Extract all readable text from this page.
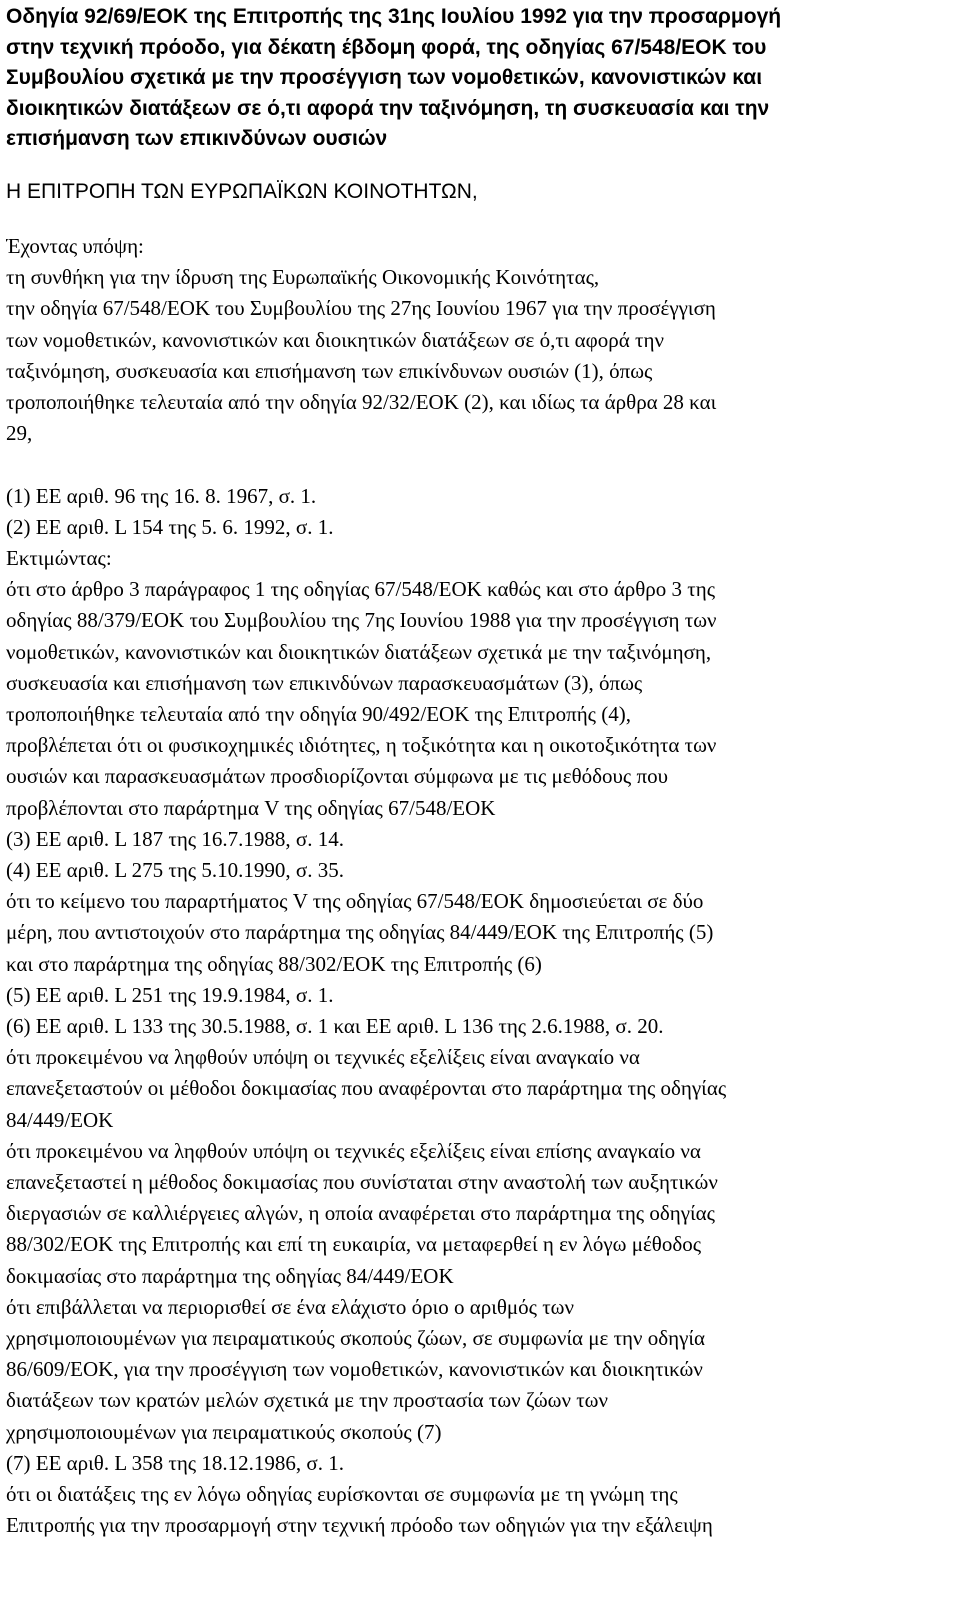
Οδηγία 92/69/ΕΟΚ της Επιτροπής της 31ης Ιουλίου 1992 για την προσαρμογή
στην τεχνική πρόοδο, για δέκατη έβδομη φορά, της οδηγίας 67/548/ΕΟΚ του
Συμβουλίου σχετικά με την προσέγγιση των νομοθετικών, κανονιστικών και
διοικητικών διατάξεων σε ό,τι αφορά την ταξινόμηση, τη συσκευασία και την
επισήμανση των επικινδύνων ουσιών
Η ΕΠΙΤΡΟΠΗ ΤΩΝ ΕΥΡΩΠΑΪΚΩΝ ΚΟΙΝΟΤΗΤΩΝ,
Έχοντας υπόψη:
τη συνθήκη για την ίδρυση της Ευρωπαϊκής Οικονομικής Κοινότητας,
την οδηγία 67/548/ΕΟΚ του Συμβουλίου της 27ης Ιουνίου 1967 για την προσέγγιση
των νομοθετικών, κανονιστικών και διοικητικών διατάξεων σε ό,τι αφορά την
ταξινόμηση, συσκευασία και επισήμανση των επικίνδυνων ουσιών (1), όπως
τροποποιήθηκε τελευταία από την οδηγία 92/32/ΕΟΚ (2), και ιδίως τα άρθρα 28 και
29,
(1) ΕΕ αριθ. 96 της 16. 8. 1967, σ. 1.
(2) ΕΕ αριθ. L 154 της 5. 6. 1992, σ. 1.
Εκτιμώντας:
ότι στο άρθρο 3 παράγραφος 1 της οδηγίας 67/548/ΕΟΚ καθώς και στο άρθρο 3 της
οδηγίας 88/379/ΕΟΚ του Συμβουλίου της 7ης Ιουνίου 1988 για την προσέγγιση των
νομοθετικών, κανονιστικών και διοικητικών διατάξεων σχετικά με την ταξινόμηση,
συσκευασία και επισήμανση των επικινδύνων παρασκευασμάτων (3), όπως
τροποποιήθηκε τελευταία από την οδηγία 90/492/ΕΟΚ της Επιτροπής (4),
προβλέπεται ότι οι φυσικοχημικές ιδιότητες, η τοξικότητα και η οικοτοξικότητα των
ουσιών και παρασκευασμάτων προσδιορίζονται σύμφωνα με τις μεθόδους που
προβλέπονται στο παράρτημα V της οδηγίας 67/548/ΕΟΚ
(3) ΕΕ αριθ. L 187 της 16.7.1988, σ. 14.
(4) ΕΕ αριθ. L 275 της 5.10.1990, σ. 35.
ότι το κείμενο του παραρτήματος V της οδηγίας 67/548/ΕΟΚ δημοσιεύεται σε δύο
μέρη, που αντιστοιχούν στο παράρτημα της οδηγίας 84/449/ΕΟΚ της Επιτροπής (5)
και στο παράρτημα της οδηγίας 88/302/ΕΟΚ της Επιτροπής (6)
(5) ΕΕ αριθ. L 251 της 19.9.1984, σ. 1.
(6) ΕΕ αριθ. L 133 της 30.5.1988, σ. 1 και ΕΕ αριθ. L 136 της 2.6.1988, σ. 20.
ότι προκειμένου να ληφθούν υπόψη οι τεχνικές εξελίξεις είναι αναγκαίο να
επανεξεταστούν οι μέθοδοι δοκιμασίας που αναφέρονται στο παράρτημα της οδηγίας
84/449/ΕΟΚ
ότι προκειμένου να ληφθούν υπόψη οι τεχνικές εξελίξεις είναι επίσης αναγκαίο να
επανεξεταστεί η μέθοδος δοκιμασίας που συνίσταται στην αναστολή των αυξητικών
διεργασιών σε καλλιέργειες αλγών, η οποία αναφέρεται στο παράρτημα της οδηγίας
88/302/ΕΟΚ της Επιτροπής και επί τη ευκαιρία, να μεταφερθεί η εν λόγω μέθοδος
δοκιμασίας στο παράρτημα της οδηγίας 84/449/ΕΟΚ
ότι επιβάλλεται να περιορισθεί σε ένα ελάχιστο όριο ο αριθμός των
χρησιμοποιουμένων για πειραματικούς σκοπούς ζώων, σε συμφωνία με την οδηγία
86/609/ΕΟΚ, για την προσέγγιση των νομοθετικών, κανονιστικών και διοικητικών
διατάξεων των κρατών μελών σχετικά με την προστασία των ζώων των
χρησιμοποιουμένων για πειραματικούς σκοπούς (7)
(7) ΕΕ αριθ. L 358 της 18.12.1986, σ. 1.
ότι οι διατάξεις της εν λόγω οδηγίας ευρίσκονται σε συμφωνία με τη γνώμη της
Επιτροπής για την προσαρμογή στην τεχνική πρόοδο των οδηγιών για την εξάλειψη
